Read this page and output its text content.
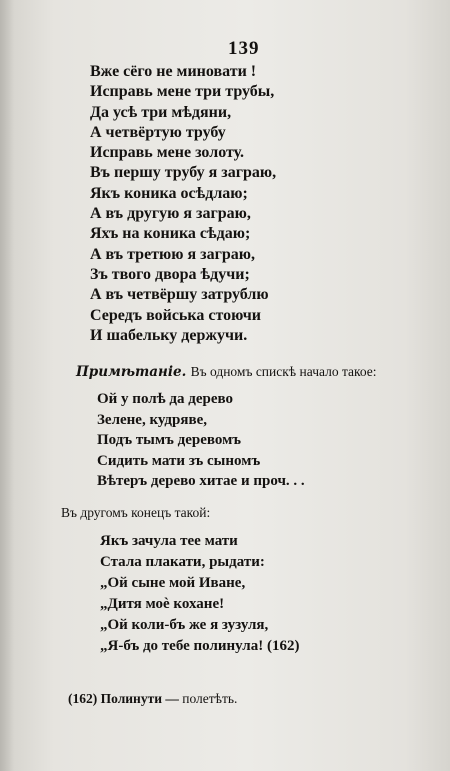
139
Вже сёго не миновати !
Исправь мене три трубы,
Да усѣ три мѣдяни,
А четвёртую трубу
Исправь мене золоту.
Въ першу трубу я заграю,
Якъ коника осѣдлаю;
А въ другую я заграю,
Яхъ на коника сѣдаю;
А въ третюю я заграю,
Зъ твого двора ѣдучи;
А въ четвёршу затрублю
Середъ войська стоючи
И шабельку держучи.
Примѣтаніе. Въ одномъ спискѣ начало такое:
Ой у полѣ да дерево
Зелене, кудряве,
Подъ тымъ деревомъ
Сидить мати зъ сыномъ
Вѣтеръ дерево хитае и проч. . .
Въ другомъ конецъ такой:
Якъ зачула тее мати
Стала плакати, рыдати:
„Ой сыне мой Иване,
„Дитя моѐ кохане!
„Ой коли-бъ же я зузуля,
„Я-бъ до тебе полинула! (162)
(162) Полинути — полетѣть.
